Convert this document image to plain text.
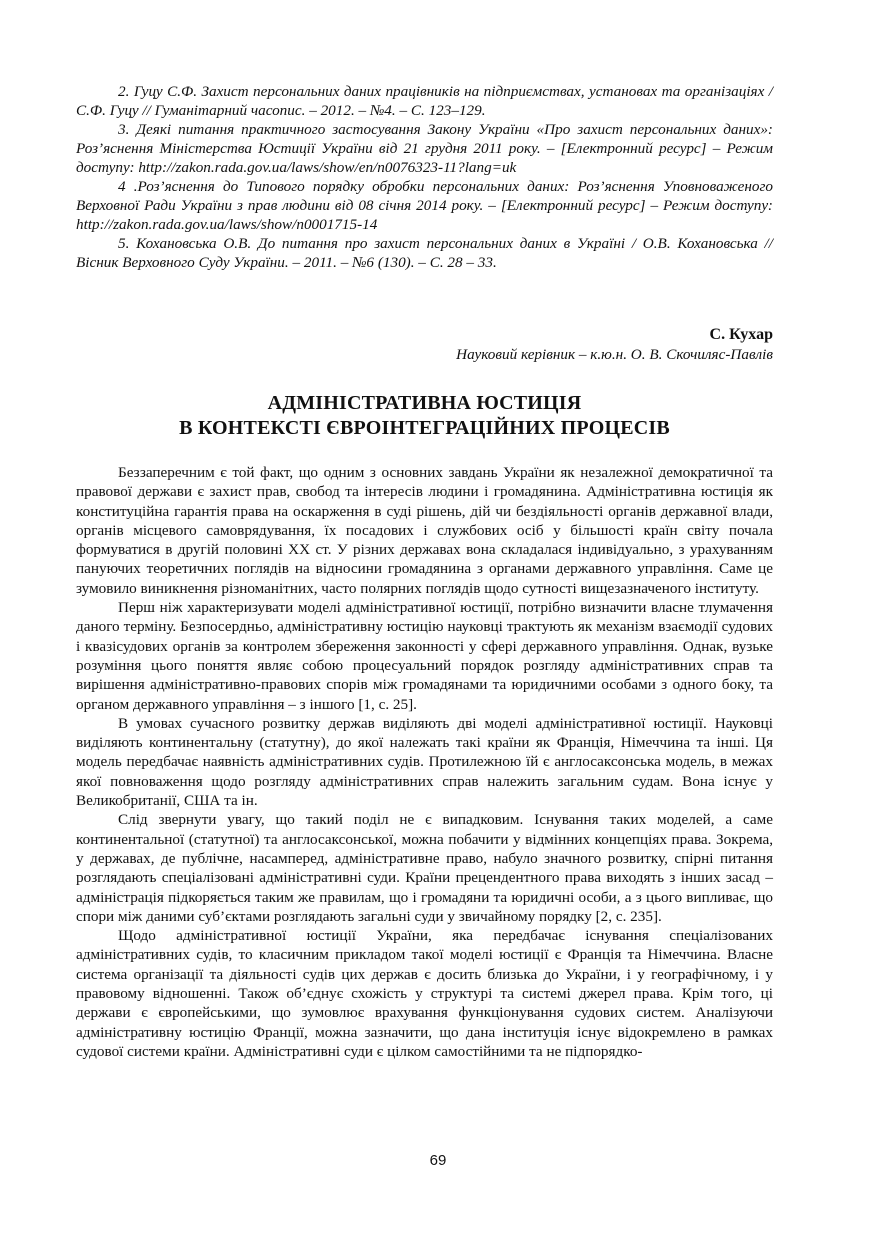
2. Гуцу С.Ф. Захист персональних даних працівників на підприємствах, установах та організаціях / С.Ф. Гуцу // Гуманітарний часопис. – 2012. – №4. – С. 123–129.

3. Деякі питання практичного застосування Закону України «Про захист персональних даних»: Роз’яснення Міністерства Юстиції України від 21 грудня 2011 року. – [Електронний ресурс] – Режим доступу: http://zakon.rada.gov.ua/laws/show/en/n0076323-11?lang=uk

4 .Роз’яснення до Типового порядку обробки персональних даних: Роз’яснення Уповноваженого Верховної Ради України з прав людини від 08 січня 2014 року. – [Електронний ресурс] – Режим доступу: http://zakon.rada.gov.ua/laws/show/n0001715-14

5. Кохановська О.В. До питання про захист персональних даних в Україні / О.В. Кохановська // Вісник Верховного Суду України. – 2011. – №6 (130). – С. 28 – 33.

С. Кухар

Науковий керівник – к.ю.н. О. В. Скочиляс-Павлів

АДМІНІСТРАТИВНА ЮСТИЦІЯ
В КОНТЕКСТІ ЄВРОІНТЕГРАЦІЙНИХ ПРОЦЕСІВ

Беззаперечним є той факт, що одним з основних завдань України як незалежної демократичної та правової держави є захист прав, свобод та інтересів людини і громадянина. Адміністративна юстиція як конституційна гарантія права на оскарження в суді рішень, дій чи бездіяльності органів державної влади, органів місцевого самоврядування, їх посадових і службових осіб у більшості країн світу почала формуватися в другій половині XX ст. У різних державах вона складалася індивідуально, з урахуванням пануючих теоретичних поглядів на відносини громадянина з органами державного управління. Саме це зумовило виникнення різноманітних, часто полярних поглядів щодо сутності вищезазначеного інституту.

Перш ніж характеризувати моделі адміністративної юстиції, потрібно визначити власне тлумачення даного терміну. Безпосердньо, адміністративну юстицію науковці трактують як механізм взаємодії судових і квазісудових органів за контролем збереження законності у сфері державного управління. Однак, вузьке розуміння цього поняття являє собою процесуальний порядок розгляду адміністративних справ та вирішення адміністративно-правових спорів між громадянами та юридичними особами з одного боку, та органом державного управління – з іншого [1, с. 25].

В умовах сучасного розвитку держав виділяють дві моделі адміністративної юстиції. Науковці виділяють континентальну (статутну), до якої належать такі країни як Франція, Німеччина та інші. Ця модель передбачає наявність адміністративних судів. Протилежною їй є англосаксонська модель, в межах якої повноваження щодо розгляду адміністративних справ належить загальним судам. Вона існує у Великобританії, США та ін.

Слід звернути увагу, що такий поділ не є випадковим. Існування таких моделей, а саме континентальної (статутної) та англосаксонської, можна побачити у відмінних концепціях права. Зокрема, у державах, де публічне, насамперед, адміністративне право, набуло значного розвитку, спірні питання розглядають спеціалізовані адміністративні суди. Країни прецендентного права виходять з інших засад – адміністрація підкоряється таким же правилам, що і громадяни та юридичні особи, а з цього випливає, що спори між даними суб’єктами розглядають загальні суди у звичайному порядку [2, с. 235].

Щодо адміністративної юстиції України, яка передбачає існування спеціалізованих адміністративних судів, то класичним прикладом такої моделі юстиції є Франція та Німеччина. Власне система організації та діяльності судів цих держав є досить близька до України, і у географічному, і у правовому відношенні. Також об’єднує схожість у структурі та системі джерел права. Крім того, ці держави є європейськими, що зумовлює врахування функціонування судових систем. Аналізуючи адміністративну юстицію Франції, можна зазначити, що дана інституція існує відокремлено в рамках судової системи країни. Адміністративні суди є цілком самостійними та не підпорядко-

69
